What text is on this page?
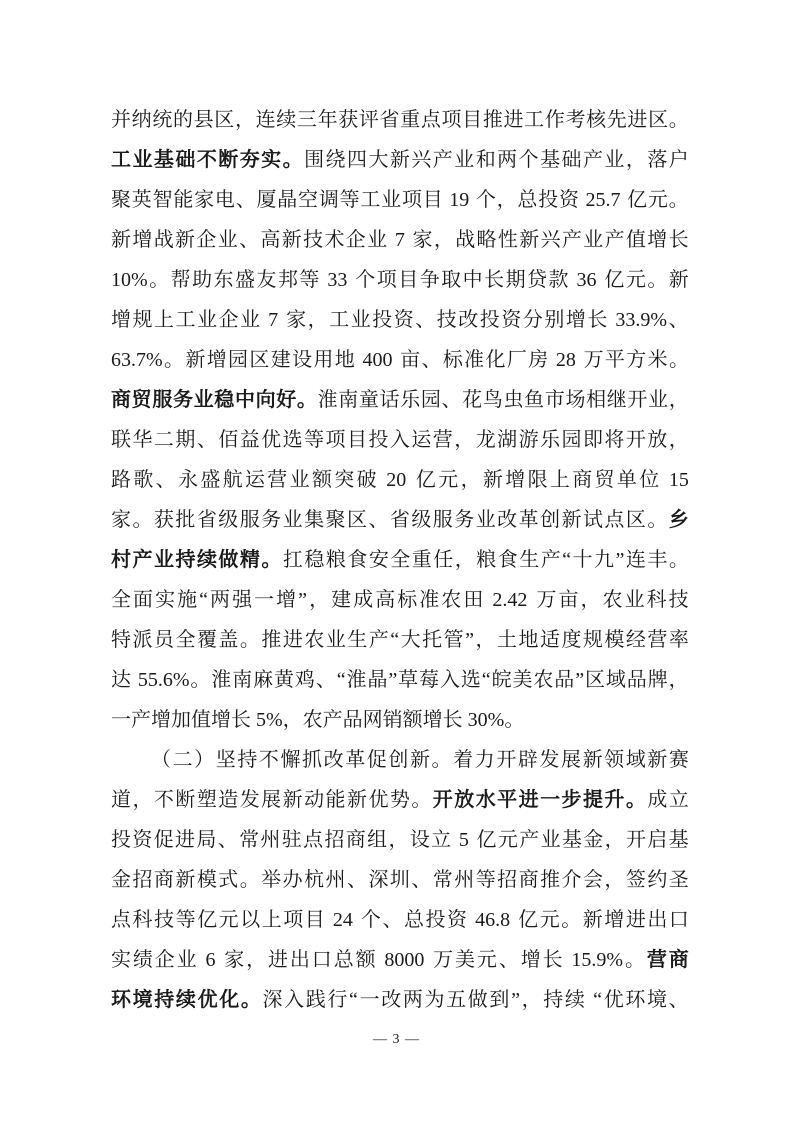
并 纳 统 的 县 区 ， 连 续 三 年 获 评 省 重 点 项 目 推 进 工 作 考 核 先 进 区 。
工 业 基 础 不 断 夯 实 。 围 绕 四 大 新 兴 产 业 和 两 个 基 础 产 业 ， 落 户
聚 英 智 能 家 电 、 厦 晶 空 调 等 工 业 项 目
19
个 ， 总 投 资
25.7
亿 元 。
新 增 战 新 企 业 、 高 新 技 术 企 业
7
家 ， 战 略 性 新 兴 产 业 产 值 增 长
10% 。 帮 助 东 盛 友 邦 等
33
个 项 目 争 取 中 长 期 贷 款
36
亿 元 。 新
增 规 上 工 业 企 业
7
家 ， 工 业 投 资 、 技 改 投 资 分 别 增 长
33.9% 、
63.7% 。 新 增 园 区 建 设 用 地
400
亩 、 标 准 化 厂 房
28
万 平 方 米 。
商 贸 服 务 业 稳 中 向 好 。 淮 南 童 话 乐 园 、 花 鸟 虫 鱼 市 场 相 继 开 业 ，
联 华 二 期 、 佰 益 优 选 等 项 目 投 入 运 营 ， 龙 湖 游 乐 园 即 将 开 放 ，
路 歌 、 永 盛 航 运 营 业 额 突 破
20
亿 元 ， 新 增 限 上 商 贸 单 位
15
家 。 获 批 省 级 服 务 业 集 聚 区 、 省 级 服 务 业 改 革 创 新 试 点 区 。 乡
村 产 业 持 续 做 精 。 扛 稳 粮 食 安 全 重 任 ， 粮 食 生 产 “ 十 九 ” 连 丰 。
全 面 实 施 “ 两 强 一 增 ” ， 建 成 高 标 准 农 田
2.42
万 亩 ， 农 业 科 技
特 派 员 全 覆 盖 。 推 进 农 业 生 产 “ 大 托 管 ” ， 土 地 适 度 规 模 经 营 率
达
55.6% 。 淮 南 麻 黄 鸡 、 “ 淮 晶 ” 草 莓 入 选 “ 皖 美 农 品 ” 区 域 品 牌 ，
一 产 增 加 值 增 长
5% ， 农 产 品 网 销 额 增 长
30% 。
（ 二 ） 坚 持 不 懈 抓 改 革 促 创 新 。 着 力 开 辟 发 展 新 领 域 新 赛
道 ， 不 断 塑 造 发 展 新 动 能 新 优 势 。 开 放 水 平 进 一 步 提 升 。 成 立
投 资 促 进 局 、 常 州 驻 点 招 商 组 ， 设 立
5
亿 元 产 业 基 金 ， 开 启 基
金 招 商 新 模 式 。 举 办 杭 州 、 深 圳 、 常 州 等 招 商 推 介 会 ， 签 约 圣
点 科 技 等 亿 元 以 上 项 目
24
个 、 总 投 资
46.8
亿 元 。 新 增 进 出 口
实 绩 企 业
6
家 ， 进 出 口 总 额
8000
万 美 元 、 增 长
15.9% 。 营 商
环 境 持 续 优 化 。 深 入 践 行 “ 一 改 两 为 五 做 到 ” ， 持 续
“ 优 环 境 、
— 3 —
